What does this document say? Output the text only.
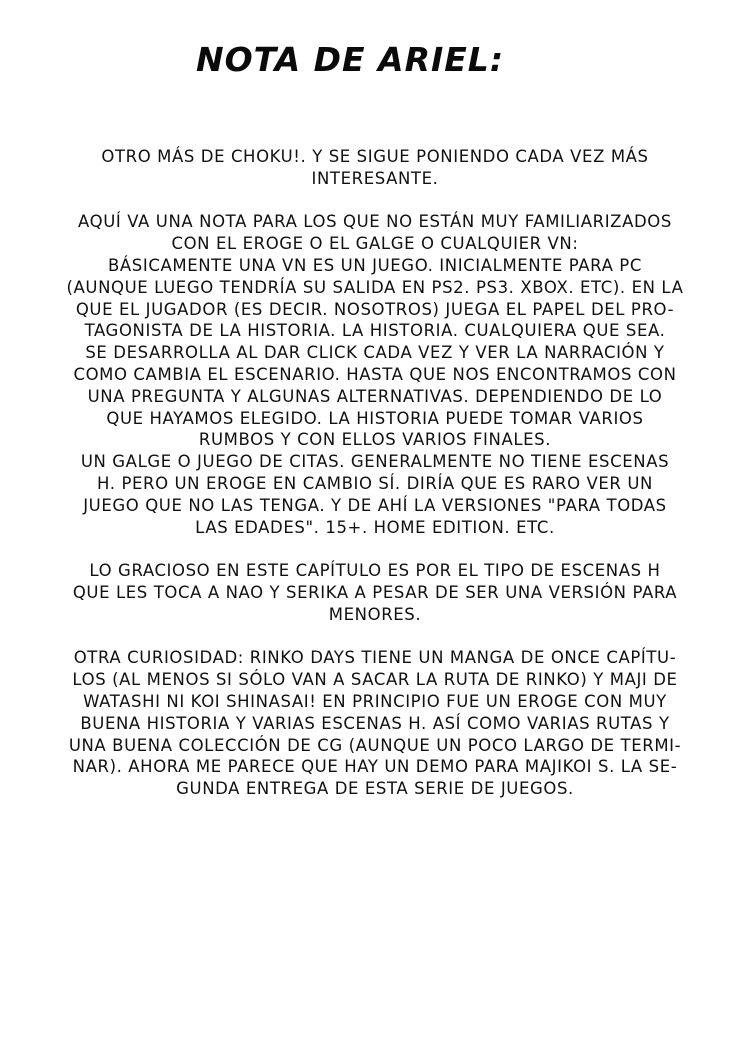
NOTA DE ARIEL:
OTRO MÁS DE CHOKU!. Y SE SIGUE PONIENDO CADA VEZ MÁS
INTERESANTE.
AQUÍ VA UNA NOTA PARA LOS QUE NO ESTÁN MUY FAMILIARIZADOS
CON EL EROGE O EL GALGE O CUALQUIER VN:
BÁSICAMENTE UNA VN ES UN JUEGO. INICIALMENTE PARA PC
(AUNQUE LUEGO TENDRÍA SU SALIDA EN PS2. PS3. XBOX. ETC). EN LA
QUE EL JUGADOR (ES DECIR. NOSOTROS) JUEGA EL PAPEL DEL PRO-
TAGONISTA DE LA HISTORIA. LA HISTORIA. CUALQUIERA QUE SEA.
SE DESARROLLA AL DAR CLICK CADA VEZ Y VER LA NARRACIÓN Y
COMO CAMBIA EL ESCENARIO. HASTA QUE NOS ENCONTRAMOS CON
UNA PREGUNTA Y ALGUNAS ALTERNATIVAS. DEPENDIENDO DE LO
QUE HAYAMOS ELEGIDO. LA HISTORIA PUEDE TOMAR VARIOS
RUMBOS Y CON ELLOS VARIOS FINALES.
UN GALGE O JUEGO DE CITAS. GENERALMENTE NO TIENE ESCENAS
H. PERO UN EROGE EN CAMBIO SÍ. DIRÍA QUE ES RARO VER UN
JUEGO QUE NO LAS TENGA. Y DE AHÍ LA VERSIONES "PARA TODAS
LAS EDADES". 15+. HOME EDITION. ETC.
LO GRACIOSO EN ESTE CAPÍTULO ES POR EL TIPO DE ESCENAS H
QUE LES TOCA A NAO Y SERIKA A PESAR DE SER UNA VERSIÓN PARA
MENORES.
OTRA CURIOSIDAD: RINKO DAYS TIENE UN MANGA DE ONCE CAPÍTU-
LOS (AL MENOS SI SÓLO VAN A SACAR LA RUTA DE RINKO) Y MAJI DE
WATASHI NI KOI SHINASAI! EN PRINCIPIO FUE UN EROGE CON MUY
BUENA HISTORIA Y VARIAS ESCENAS H. ASÍ COMO VARIAS RUTAS Y
UNA BUENA COLECCIÓN DE CG (AUNQUE UN POCO LARGO DE TERMI-
NAR). AHORA ME PARECE QUE HAY UN DEMO PARA MAJIKOI S. LA SE-
GUNDA ENTREGA DE ESTA SERIE DE JUEGOS.
